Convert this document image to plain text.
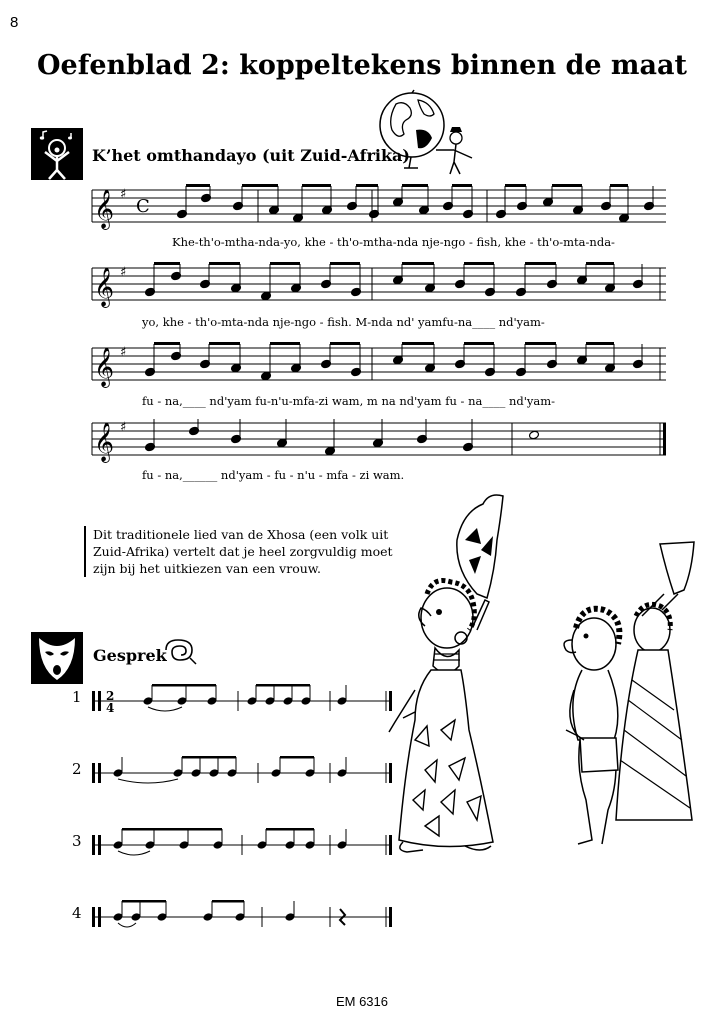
8
Oefenblad 2: koppeltekens binnen de maat
K’het omthandayo (uit Zuid-Afrika)
𝄞 ♯
C
𝄞 ♯
𝄞 ♯
𝄞 ♯
Khe-th'o-mtha-nda-yo, khe - th'o-mtha-nda nje-ngo - fish, khe - th'o-mta-nda-
yo, khe - th'o-mta-nda nje-ngo - fish. M-nda nd' yamfu-na____ nd'yam-
fu - na,____ nd'yam fu-n'u-mfa-zi wam, m na nd'yam fu - na____ nd'yam-
fu - na,______ nd'yam - fu - n'u - mfa - zi wam.
Dit traditionele lied van de Xhosa (een volk uit
Zuid-Afrika) vertelt dat je heel zorgvuldig moet
zijn bij het uitkiezen van een vrouw.
Gesprek
1
2
3
4
2
4
EM 6316
